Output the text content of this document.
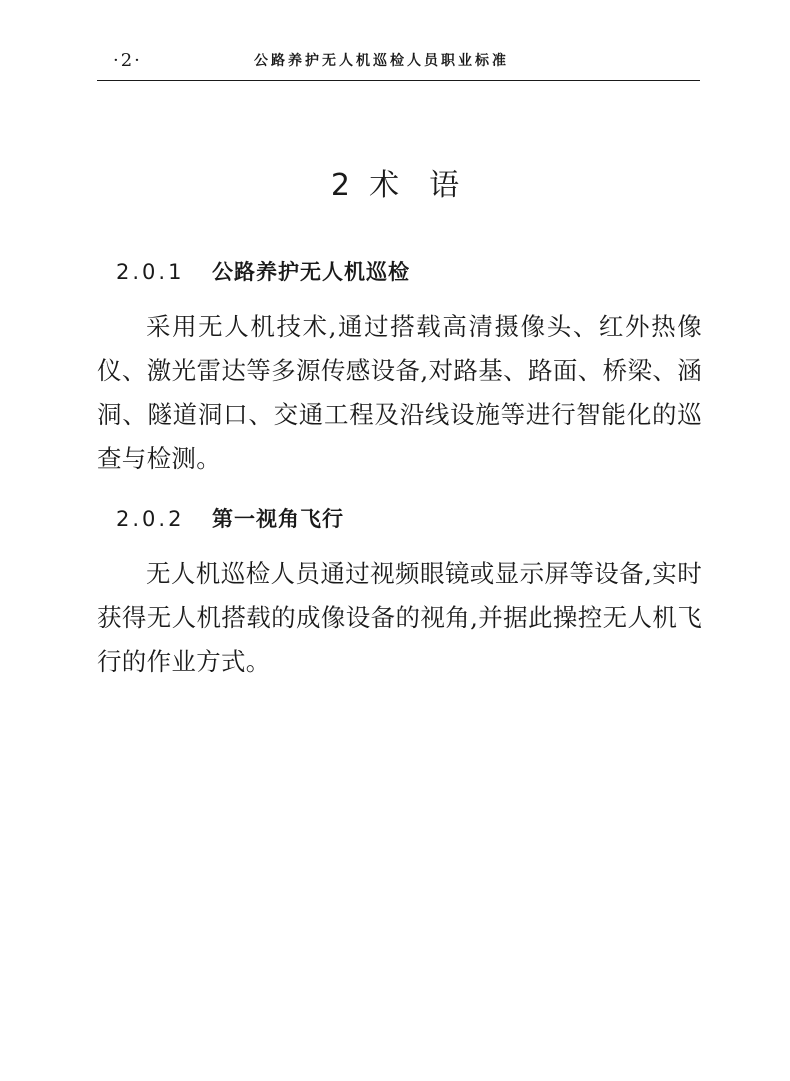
·2·	公路养护无人机巡检人员职业标准
2 术　语
2.0.1 公路养护无人机巡检

采用无人机技术,通过搭载高清摄像头、红外热像仪、激光雷达等多源传感设备,对路基、路面、桥梁、涵洞、隧道洞口、交通工程及沿线设施等进行智能化的巡查与检测。

2.0.2 第一视角飞行

无人机巡检人员通过视频眼镜或显示屏等设备,实时获得无人机搭载的成像设备的视角,并据此操控无人机飞行的作业方式。
